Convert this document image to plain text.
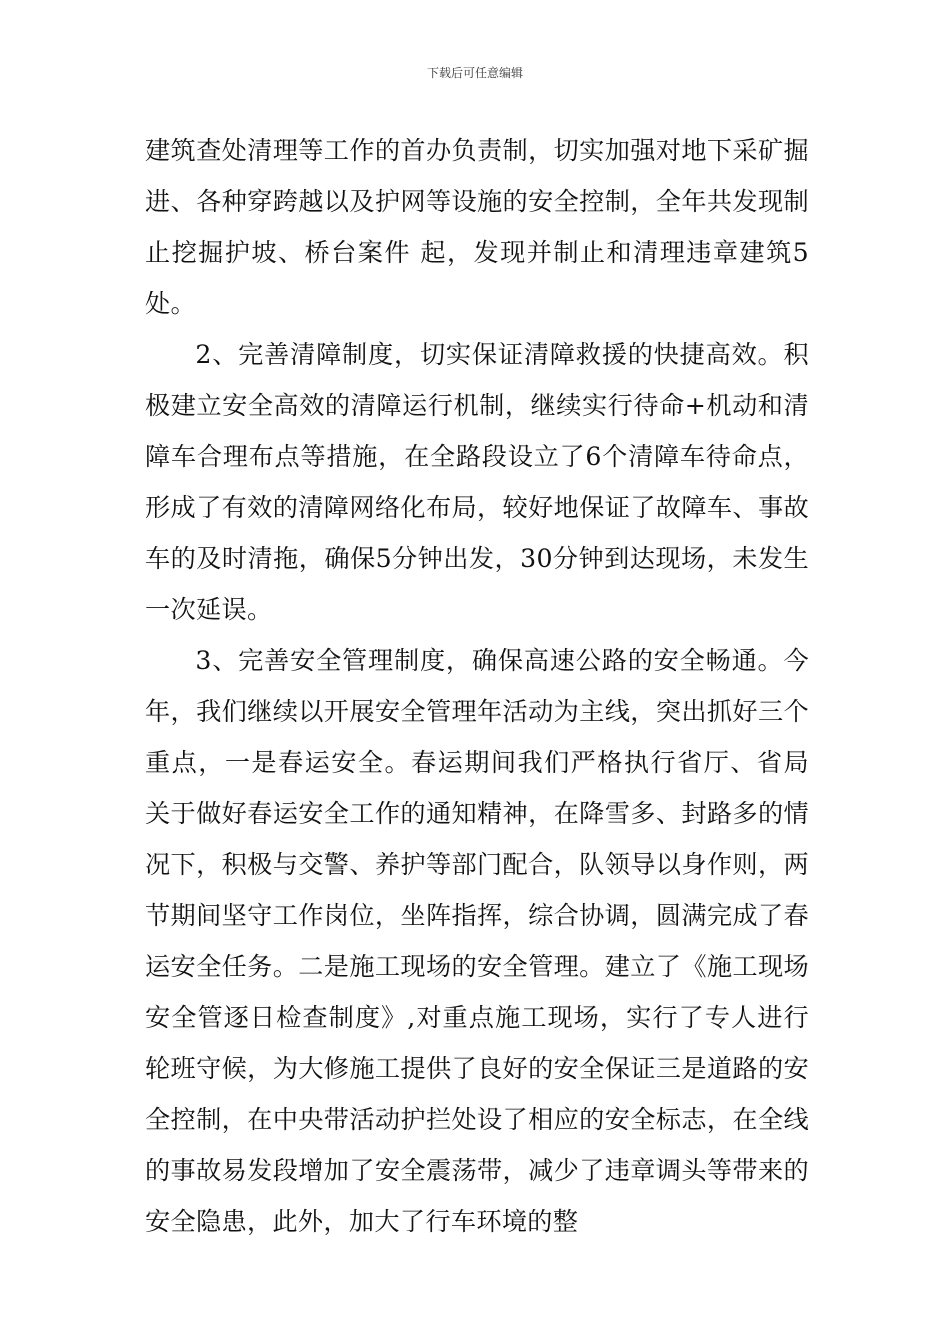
下载后可任意编辑

建筑查处清理等工作的首办负责制，切实加强对地下采矿掘进、各种穿跨越以及护网等设施的安全控制，全年共发现制止挖掘护坡、桥台案件 起，发现并制止和清理违章建筑5处。

2、完善清障制度，切实保证清障救援的快捷高效。积极建立安全高效的清障运行机制，继续实行待命+机动和清障车合理布点等措施，在全路段设立了6个清障车待命点，形成了有效的清障网络化布局，较好地保证了故障车、事故车的及时清拖，确保5分钟出发，30分钟到达现场，未发生一次延误。

3、完善安全管理制度，确保高速公路的安全畅通。今年，我们继续以开展安全管理年活动为主线，突出抓好三个重点，一是春运安全。春运期间我们严格执行省厅、省局 关于做好春运安全工作的通知精神，在降雪多、封路多的情况下，积极与交警、养护等部门配合，队领导以身作则，两节期间坚守工作岗位，坐阵指挥，综合协调，圆满完成了春运安全任务。二是施工现场的安全管理。建立了《施工现场安全管逐日检查制度》,对重点施工现场，实行了专人进行轮班守候，为大修施工提供了良好的安全保证三是道路的安全控制，在中央带活动护拦处设了相应的安全标志，在全线的事故易发段增加了安全震荡带，减少了违章调头等带来的安全隐患，此外，加大了行车环境的整
